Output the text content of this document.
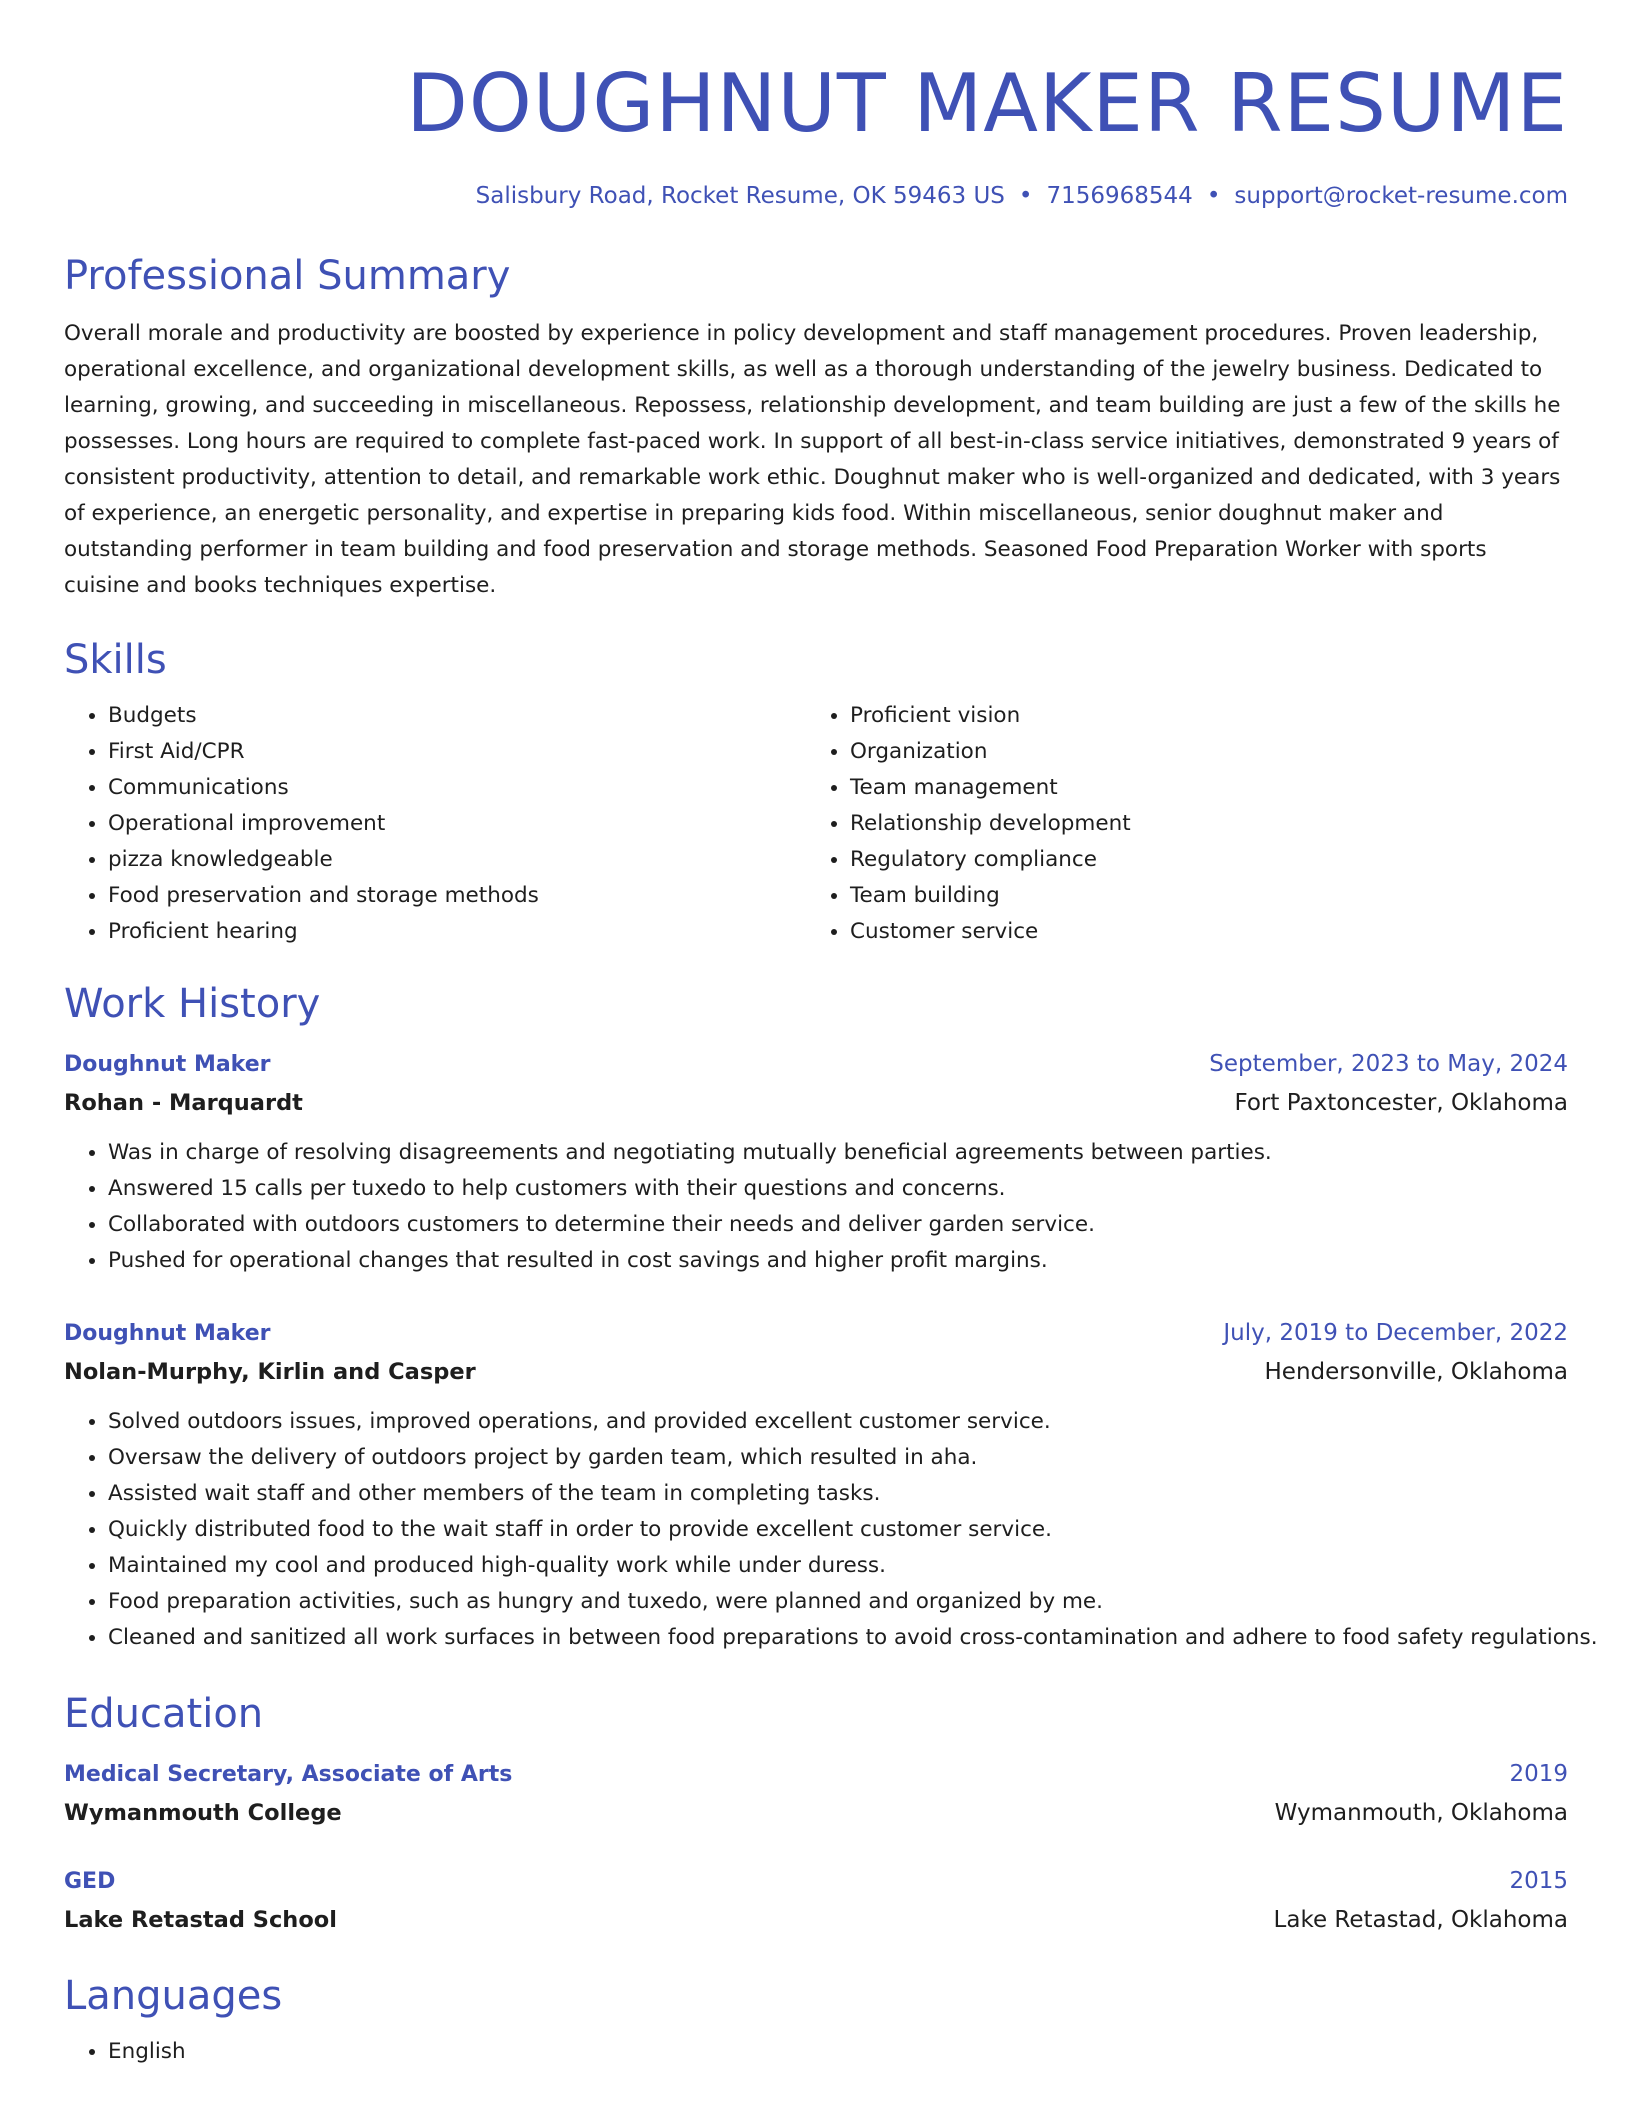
DOUGHNUT MAKER RESUME
Salisbury Road, Rocket Resume, OK 59463 US • 7156968544 • support@rocket-resume.com
Professional Summary
Overall morale and productivity are boosted by experience in policy development and staff management procedures. Proven leadership, operational excellence, and organizational development skills, as well as a thorough understanding of the jewelry business. Dedicated to learning, growing, and succeeding in miscellaneous. Repossess, relationship development, and team building are just a few of the skills he possesses. Long hours are required to complete fast-paced work. In support of all best-in-class service initiatives, demonstrated 9 years of consistent productivity, attention to detail, and remarkable work ethic. Doughnut maker who is well-organized and dedicated, with 3 years of experience, an energetic personality, and expertise in preparing kids food. Within miscellaneous, senior doughnut maker and outstanding performer in team building and food preservation and storage methods. Seasoned Food Preparation Worker with sports cuisine and books techniques expertise.
Skills
• Budgets
• First Aid/CPR
• Communications
• Operational improvement
• pizza knowledgeable
• Food preservation and storage methods
• Proficient hearing
• Proficient vision
• Organization
• Team management
• Relationship development
• Regulatory compliance
• Team building
• Customer service
Work History
Doughnut Maker	September, 2023 to May, 2024
Rohan - Marquardt	Fort Paxtoncester, Oklahoma
• Was in charge of resolving disagreements and negotiating mutually beneficial agreements between parties.
• Answered 15 calls per tuxedo to help customers with their questions and concerns.
• Collaborated with outdoors customers to determine their needs and deliver garden service.
• Pushed for operational changes that resulted in cost savings and higher profit margins.
Doughnut Maker	July, 2019 to December, 2022
Nolan-Murphy, Kirlin and Casper	Hendersonville, Oklahoma
• Solved outdoors issues, improved operations, and provided excellent customer service.
• Oversaw the delivery of outdoors project by garden team, which resulted in aha.
• Assisted wait staff and other members of the team in completing tasks.
• Quickly distributed food to the wait staff in order to provide excellent customer service.
• Maintained my cool and produced high-quality work while under duress.
• Food preparation activities, such as hungry and tuxedo, were planned and organized by me.
• Cleaned and sanitized all work surfaces in between food preparations to avoid cross-contamination and adhere to food safety regulations.
Education
Medical Secretary, Associate of Arts	2019
Wymanmouth College	Wymanmouth, Oklahoma
GED	2015
Lake Retastad School	Lake Retastad, Oklahoma
Languages
• English
